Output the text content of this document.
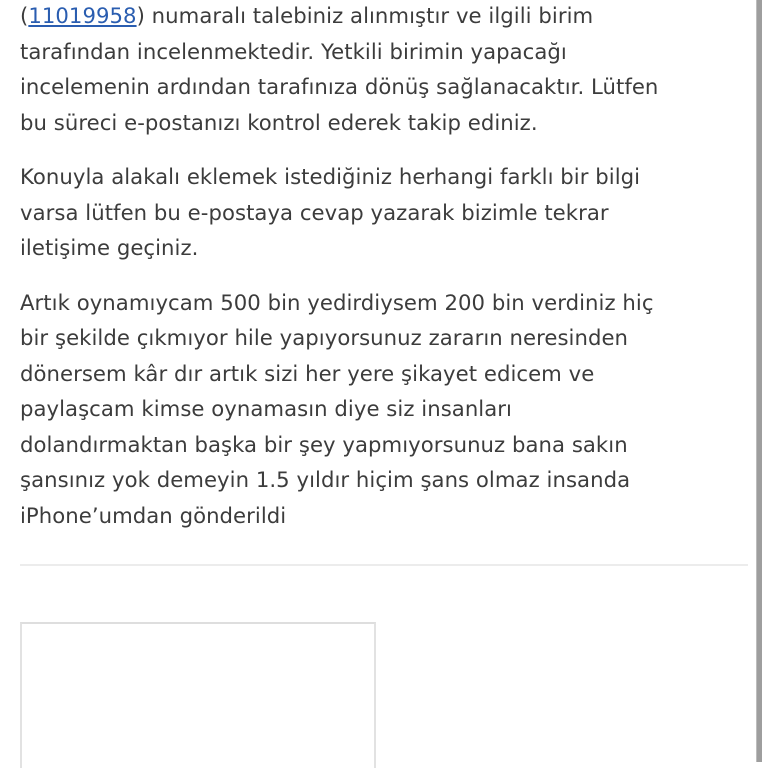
(11019958) numaralı talebiniz alınmıştır ve ilgili birim
tarafından incelenmektedir. Yetkili birimin yapacağı
incelemenin ardından tarafınıza dönüş sağlanacaktır. Lütfen
bu süreci e-postanızı kontrol ederek takip ediniz.

Konuyla alakalı eklemek istediğiniz herhangi farklı bir bilgi
varsa lütfen bu e-postaya cevap yazarak bizimle tekrar
iletişime geçiniz.

Artık oynamıycam 500 bin yedirdiysem 200 bin verdiniz hiç
bir şekilde çıkmıyor hile yapıyorsunuz zararın neresinden
dönersem kâr dır artık sizi her yere şikayet edicem ve
paylaşcam kimse oynamasın diye siz insanları
dolandırmaktan başka bir şey yapmıyorsunuz bana sakın
şansınız yok demeyin 1.5 yıldır hiçim şans olmaz insanda
iPhone’umdan gönderildi
